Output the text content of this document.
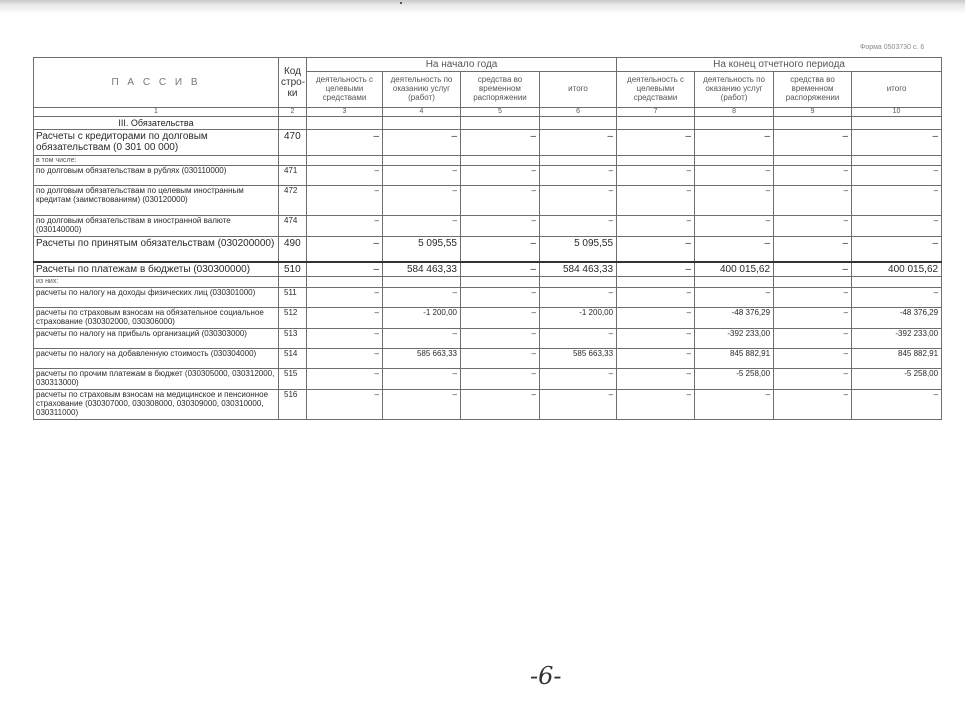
Форма 0503730 с. 6
П А С С И В	Код стро- ки	На начало года				На конец отчетного периода			
		деятельность с целевыми средствами	деятельность по оказанию услуг (работ)	средства во временном распоряжении	итого	деятельность с целевыми средствами	деятельность по оказанию услуг (работ)	средства во временном распоряжении	итого
1	2	3	4	5	6	7	8	9	10
III. Обязательства									
Расчеты с кредиторами по долговым обязательствам (0 301 00 000)	470	–	–	–	–	–	–	–	–
в том числе:									
по долговым обязательствам в рублях (030110000)	471	–	–	–	–	–	–	–	–
по долговым обязательствам по целевым иностранным кредитам (заимствованиям) (030120000)	472	–	–	–	–	–	–	–	–
по долговым обязательствам в иностранной валюте (030140000)	474	–	–	–	–	–	–	–	–
Расчеты по принятым обязательствам (030200000)	490	–	5 095,55	–	5 095,55	–	–	–	–
Расчеты по платежам в бюджеты (030300000)	510	–	584 463,33	–	584 463,33	–	400 015,62	–	400 015,62
из них:									
расчеты по налогу на доходы физических лиц (030301000)	511	–	–	–	–	–	–	–	–
расчеты по страховым взносам на обязательное социальное страхование (030302000, 030306000)	512	–	-1 200,00	–	-1 200,00	–	-48 376,29	–	-48 376,29
расчеты по налогу на прибыль организаций (030303000)	513	–	–	–	–	–	-392 233,00	–	-392 233,00
расчеты по налогу на добавленную стоимость (030304000)	514	–	585 663,33	–	585 663,33	–	845 882,91	–	845 882,91
расчеты по прочим платежам в бюджет (030305000, 030312000, 030313000)	515	–	–	–	–	–	-5 258,00	–	-5 258,00
расчеты по страховым взносам на медицинское и пенсионное страхование (030307000, 030308000, 030309000, 030310000, 030311000)	516	–	–	–	–	–	–	–	–
-6-
